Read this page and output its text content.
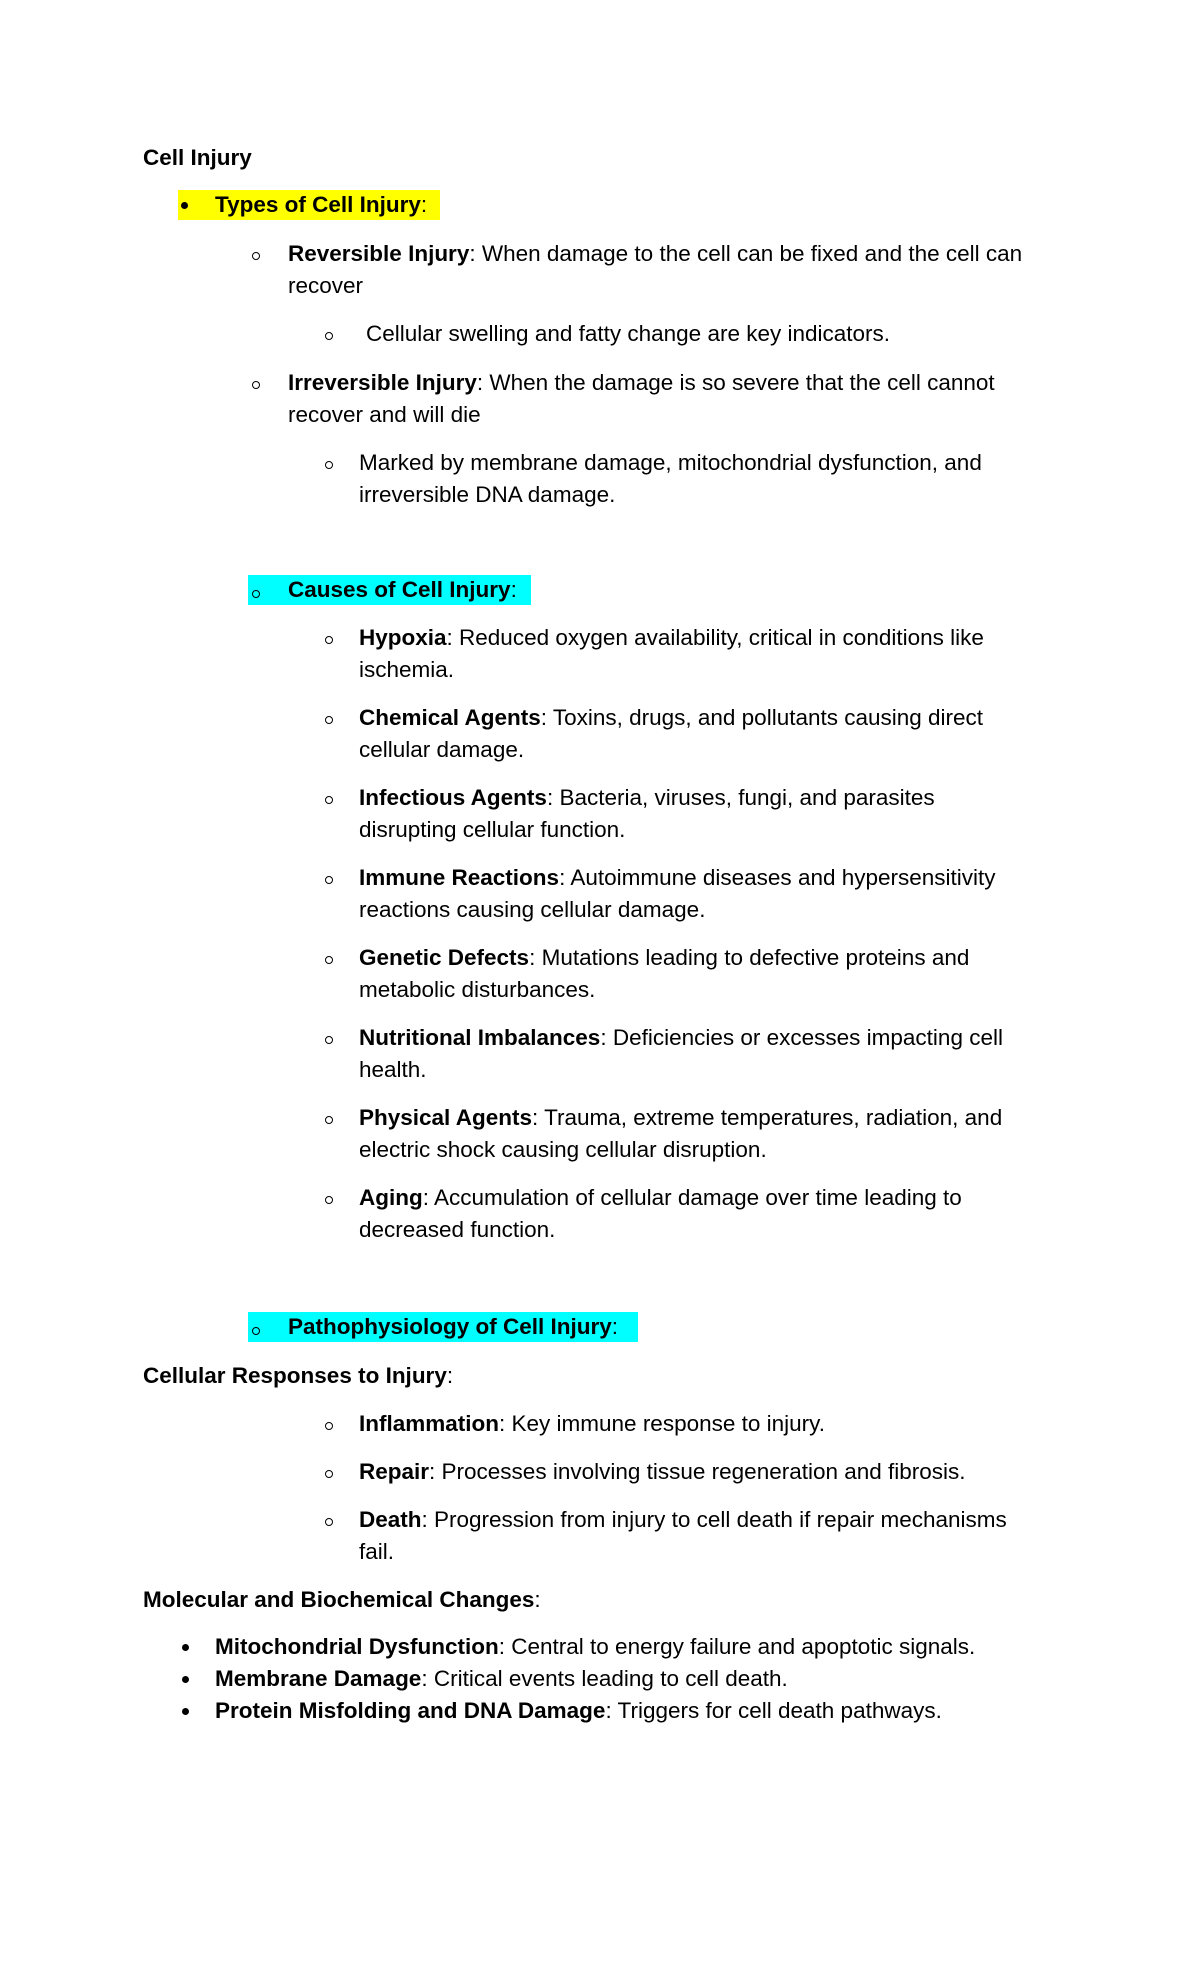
Cell Injury
Types of Cell Injury:
Reversible Injury: When damage to the cell can be fixed and the cell can
recover
Cellular swelling and fatty change are key indicators.
Irreversible Injury: When the damage is so severe that the cell cannot
recover and will die
Marked by membrane damage, mitochondrial dysfunction, and
irreversible DNA damage.
Causes of Cell Injury:
Hypoxia: Reduced oxygen availability, critical in conditions like
ischemia.
Chemical Agents: Toxins, drugs, and pollutants causing direct
cellular damage.
Infectious Agents: Bacteria, viruses, fungi, and parasites
disrupting cellular function.
Immune Reactions: Autoimmune diseases and hypersensitivity
reactions causing cellular damage.
Genetic Defects: Mutations leading to defective proteins and
metabolic disturbances.
Nutritional Imbalances: Deficiencies or excesses impacting cell
health.
Physical Agents: Trauma, extreme temperatures, radiation, and
electric shock causing cellular disruption.
Aging: Accumulation of cellular damage over time leading to
decreased function.
Pathophysiology of Cell Injury:
Cellular Responses to Injury:
Inflammation: Key immune response to injury.
Repair: Processes involving tissue regeneration and fibrosis.
Death: Progression from injury to cell death if repair mechanisms
fail.
Molecular and Biochemical Changes:
Mitochondrial Dysfunction: Central to energy failure and apoptotic signals.
Membrane Damage: Critical events leading to cell death.
Protein Misfolding and DNA Damage: Triggers for cell death pathways.
